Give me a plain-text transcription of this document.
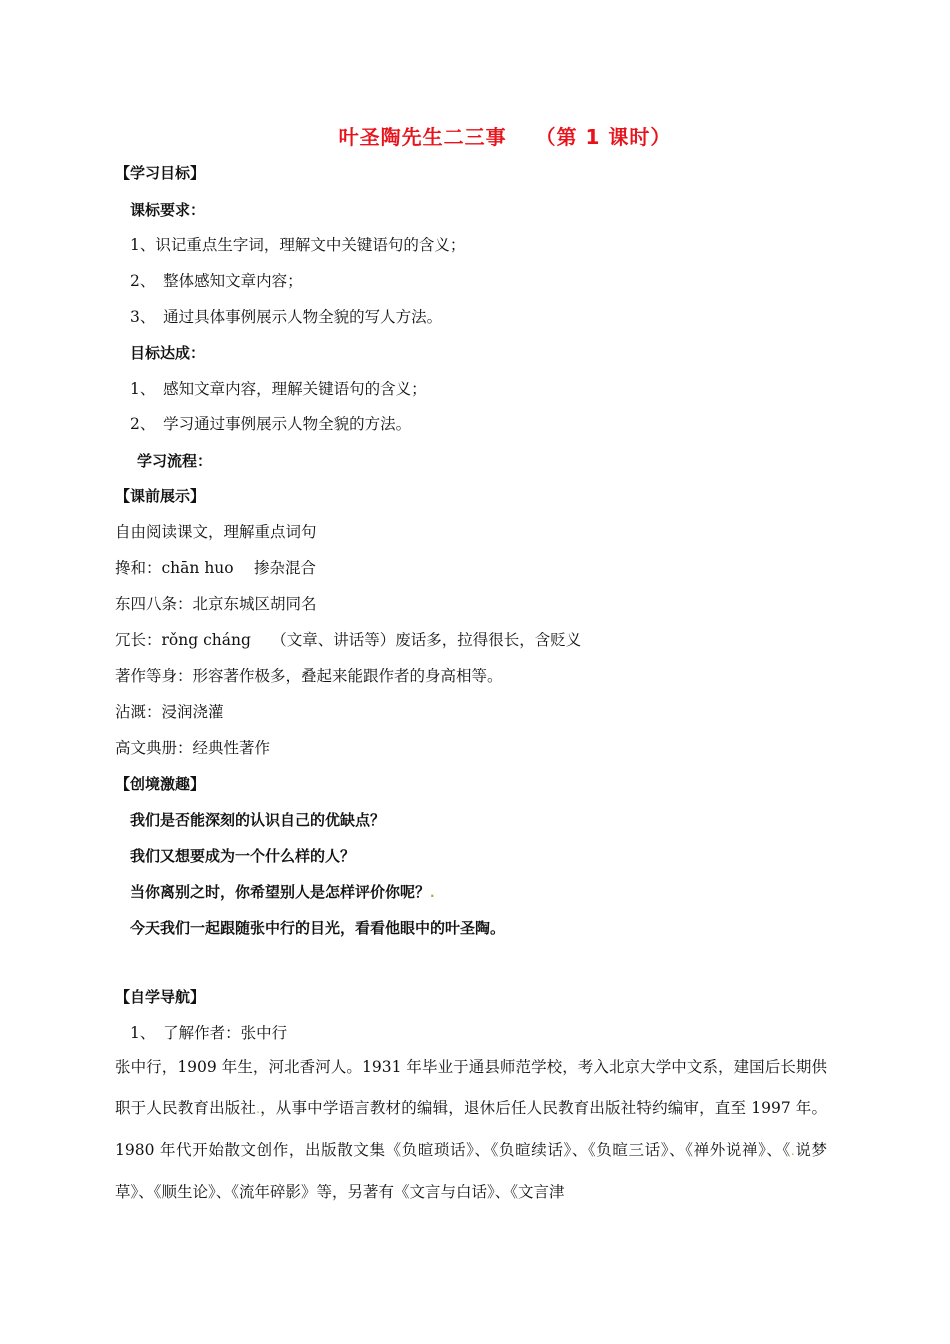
叶圣陶先生二三事　 （第 1 课时）
【学习目标】
课标要求：
1、识记重点生字词，理解文中关键语句的含义；
2、　整体感知文章内容；
3、　通过具体事例展示人物全貌的写人方法。
目标达成：
1、　感知文章内容，理解关键语句的含义；
2、　学习通过事例展示人物全貌的方法。
学习流程：
【课前展示】
自由阅读课文，理解重点词句
搀和：chān huo　 掺杂混合
东四八条：北京东城区胡同名
冗长：rǒng cháng　 （文章、讲话等）废话多，拉得很长，含贬义
著作等身：形容著作极多，叠起来能跟作者的身高相等。
沾溉：浸润浇灌
高文典册：经典性著作
【创境激趣】
我们是否能深刻的认识自己的优缺点？
我们又想要成为一个什么样的人？
当你离别之时，你希望别人是怎样评价你呢？.
今天我们一起跟随张中行的目光，看看他眼中的叶圣陶。
【自学导航】
1、　了解作者：张中行
张中行，1909 年生，河北香河人。1931 年毕业于通县师范学校，考入北京大学中文系，建国后长期供职于人民教育出版社.，从事中学语言教材的编辑，退休后任人民教育出版社特约编审，直至 1997 年。1980 年代开始散文创作，出版散文集《负暄琐话》、《负暄续话》、《负暄三话》、《禅外说禅》、《.说梦草》、《顺生论》、《流年碎影》等，另著有《文言与白话》、《文言津
